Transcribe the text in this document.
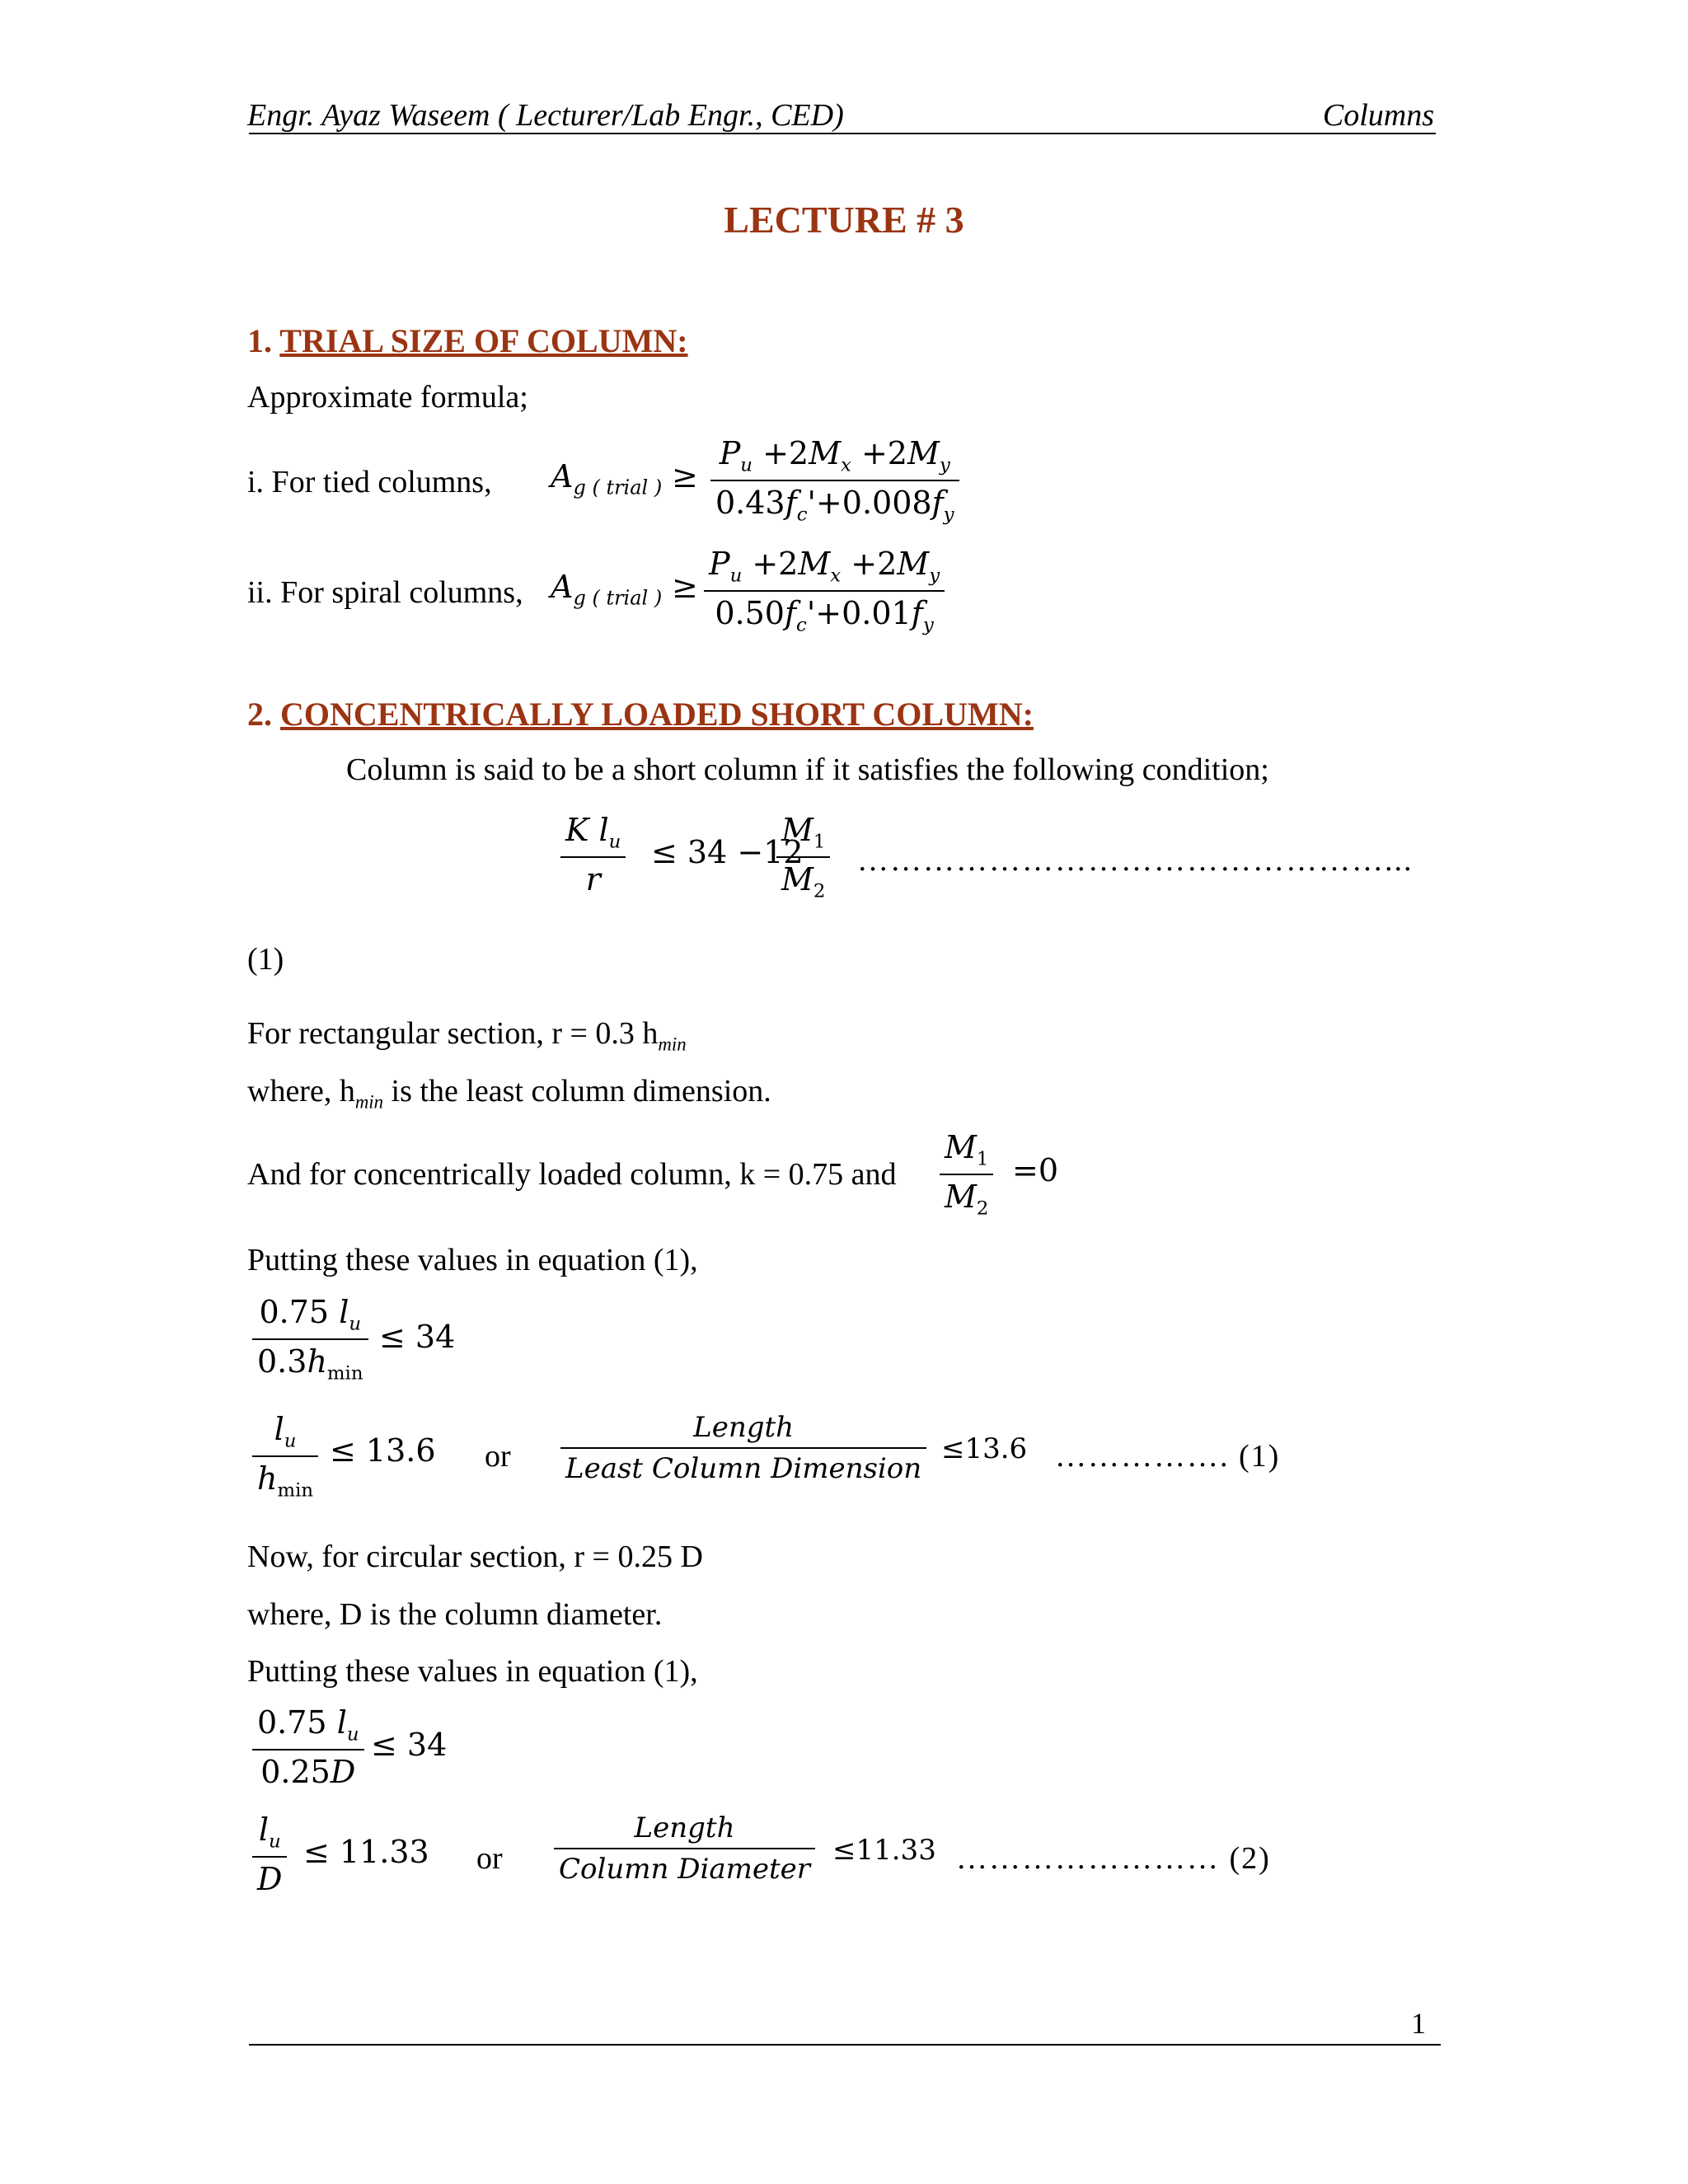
Engr. Ayaz Waseem ( Lecturer/Lab Engr., CED)	Columns
LECTURE # 3
1. TRIAL SIZE OF COLUMN:
Approximate formula;
i. For tied columns, $A_{g ( trial )}$ ≥
$P_u +2M_x +2M_y$
$0.43f_c'+0.008f_y$
ii. For spiral columns, $A_{g ( trial )}$ ≥
$P_u +2M_x +2M_y$
$0.50f_c'+0.01f_y$
2. CONCENTRICALLY LOADED SHORT COLUMN:
Column is said to be a short column if it satisfies the following condition;
K $l_u$
r
≤ 34 −12
$M_1$
$M_2$
…………………………………………...
(1)
For rectangular section, r = 0.3 $h_{min}$
where, $h_{min}$ is the least column dimension.
And for concentrically loaded column, k = 0.75 and
$M_1$
$M_2$
=0
Putting these values in equation (1),
0.75 $l_u$
$0.3h_{min}$
≤ 34
$l_u$
$h_{min}$
≤ 13.6 or
Length
Least Column Dimension
≤13.6 ……………. (1)
Now, for circular section, r = 0.25 D
where, D is the column diameter.
Putting these values in equation (1),
0.75 $l_u$
0.25D
≤ 34
$l_u$
D
≤ 11.33 or
Length
Column Diameter
≤11.33 …………………… (2)
1
